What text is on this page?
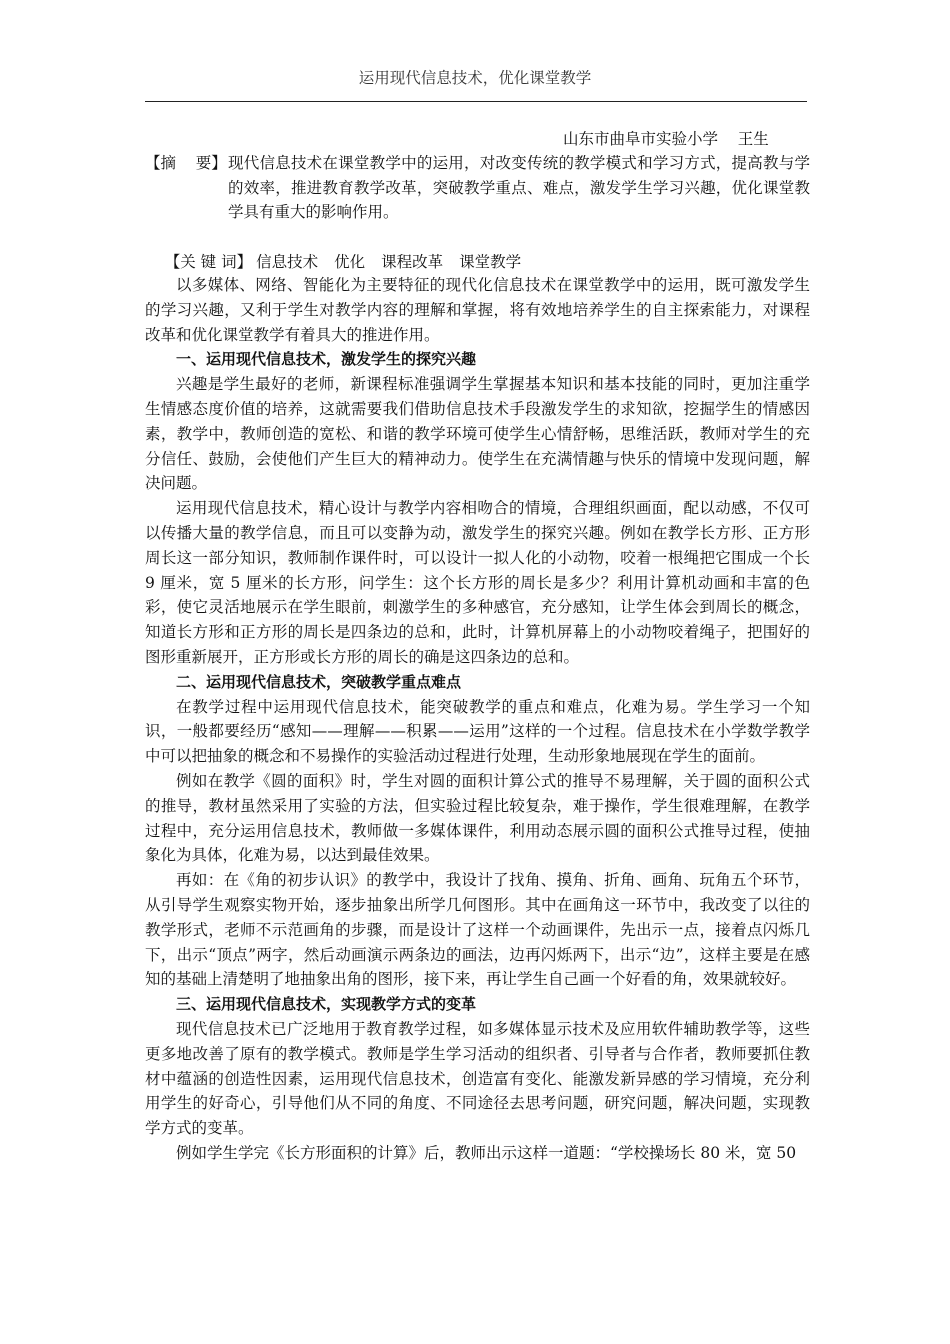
运用现代信息技术，优化课堂教学
山东市曲阜市实验小学    王生
【摘    要】 现代信息技术在课堂教学中的运用，对改变传统的教学模式和学习方式，提高教与学的效率，推进教育教学改革，突破教学重点、难点，激发学生学习兴趣，优化课堂教学具有重大的影响作用。

【关 键 词】 信息技术 优化 课程改革 课堂教学

以多媒体、网络、智能化为主要特征的现代化信息技术在课堂教学中的运用，既可激发学生的学习兴趣，又利于学生对教学内容的理解和掌握，将有效地培养学生的自主探索能力，对课程改革和优化课堂教学有着具大的推进作用。

一、运用现代信息技术，激发学生的探究兴趣

兴趣是学生最好的老师，新课程标准强调学生掌握基本知识和基本技能的同时，更加注重学生情感态度价值的培养，这就需要我们借助信息技术手段激发学生的求知欲，挖掘学生的情感因素，教学中，教师创造的宽松、和谐的教学环境可使学生心情舒畅，思维活跃，教师对学生的充分信任、鼓励，会使他们产生巨大的精神动力。使学生在充满情趣与快乐的情境中发现问题，解决问题。

运用现代信息技术，精心设计与教学内容相吻合的情境，合理组织画面，配以动感，不仅可以传播大量的教学信息，而且可以变静为动，激发学生的探究兴趣。例如在教学长方形、正方形周长这一部分知识，教师制作课件时，可以设计一拟人化的小动物，咬着一根绳把它围成一个长 9 厘米，宽 5 厘米的长方形，问学生：这个长方形的周长是多少？利用计算机动画和丰富的色彩，使它灵活地展示在学生眼前，刺激学生的多种感官，充分感知，让学生体会到周长的概念，知道长方形和正方形的周长是四条边的总和，此时，计算机屏幕上的小动物咬着绳子，把围好的图形重新展开，正方形或长方形的周长的确是这四条边的总和。

二、运用现代信息技术，突破教学重点难点

在教学过程中运用现代信息技术，能突破教学的重点和难点，化难为易。学生学习一个知识，一般都要经历“感知——理解——积累——运用”这样的一个过程。信息技术在小学数学教学中可以把抽象的概念和不易操作的实验活动过程进行处理，生动形象地展现在学生的面前。

例如在教学《圆的面积》时，学生对圆的面积计算公式的推导不易理解，关于圆的面积公式的推导，教材虽然采用了实验的方法，但实验过程比较复杂，难于操作，学生很难理解，在教学过程中，充分运用信息技术，教师做一多媒体课件，利用动态展示圆的面积公式推导过程，使抽象化为具体，化难为易，以达到最佳效果。

再如：在《角的初步认识》的教学中，我设计了找角、摸角、折角、画角、玩角五个环节，从引导学生观察实物开始，逐步抽象出所学几何图形。其中在画角这一环节中，我改变了以往的教学形式，老师不示范画角的步骤，而是设计了这样一个动画课件，先出示一点，接着点闪烁几下，出示“顶点”两字，然后动画演示两条边的画法，边再闪烁两下，出示“边”，这样主要是在感知的基础上清楚明了地抽象出角的图形，接下来，再让学生自己画一个好看的角，效果就较好。

三、运用现代信息技术，实现教学方式的变革

现代信息技术已广泛地用于教育教学过程，如多媒体显示技术及应用软件辅助教学等，这些更多地改善了原有的教学模式。教师是学生学习活动的组织者、引导者与合作者，教师要抓住教材中蕴涵的创造性因素，运用现代信息技术，创造富有变化、能激发新异感的学习情境，充分利用学生的好奇心，引导他们从不同的角度、不同途径去思考问题，研究问题，解决问题，实现教学方式的变革。

例如学生学完《长方形面积的计算》后，教师出示这样一道题：“学校操场长 80 米，宽 50
